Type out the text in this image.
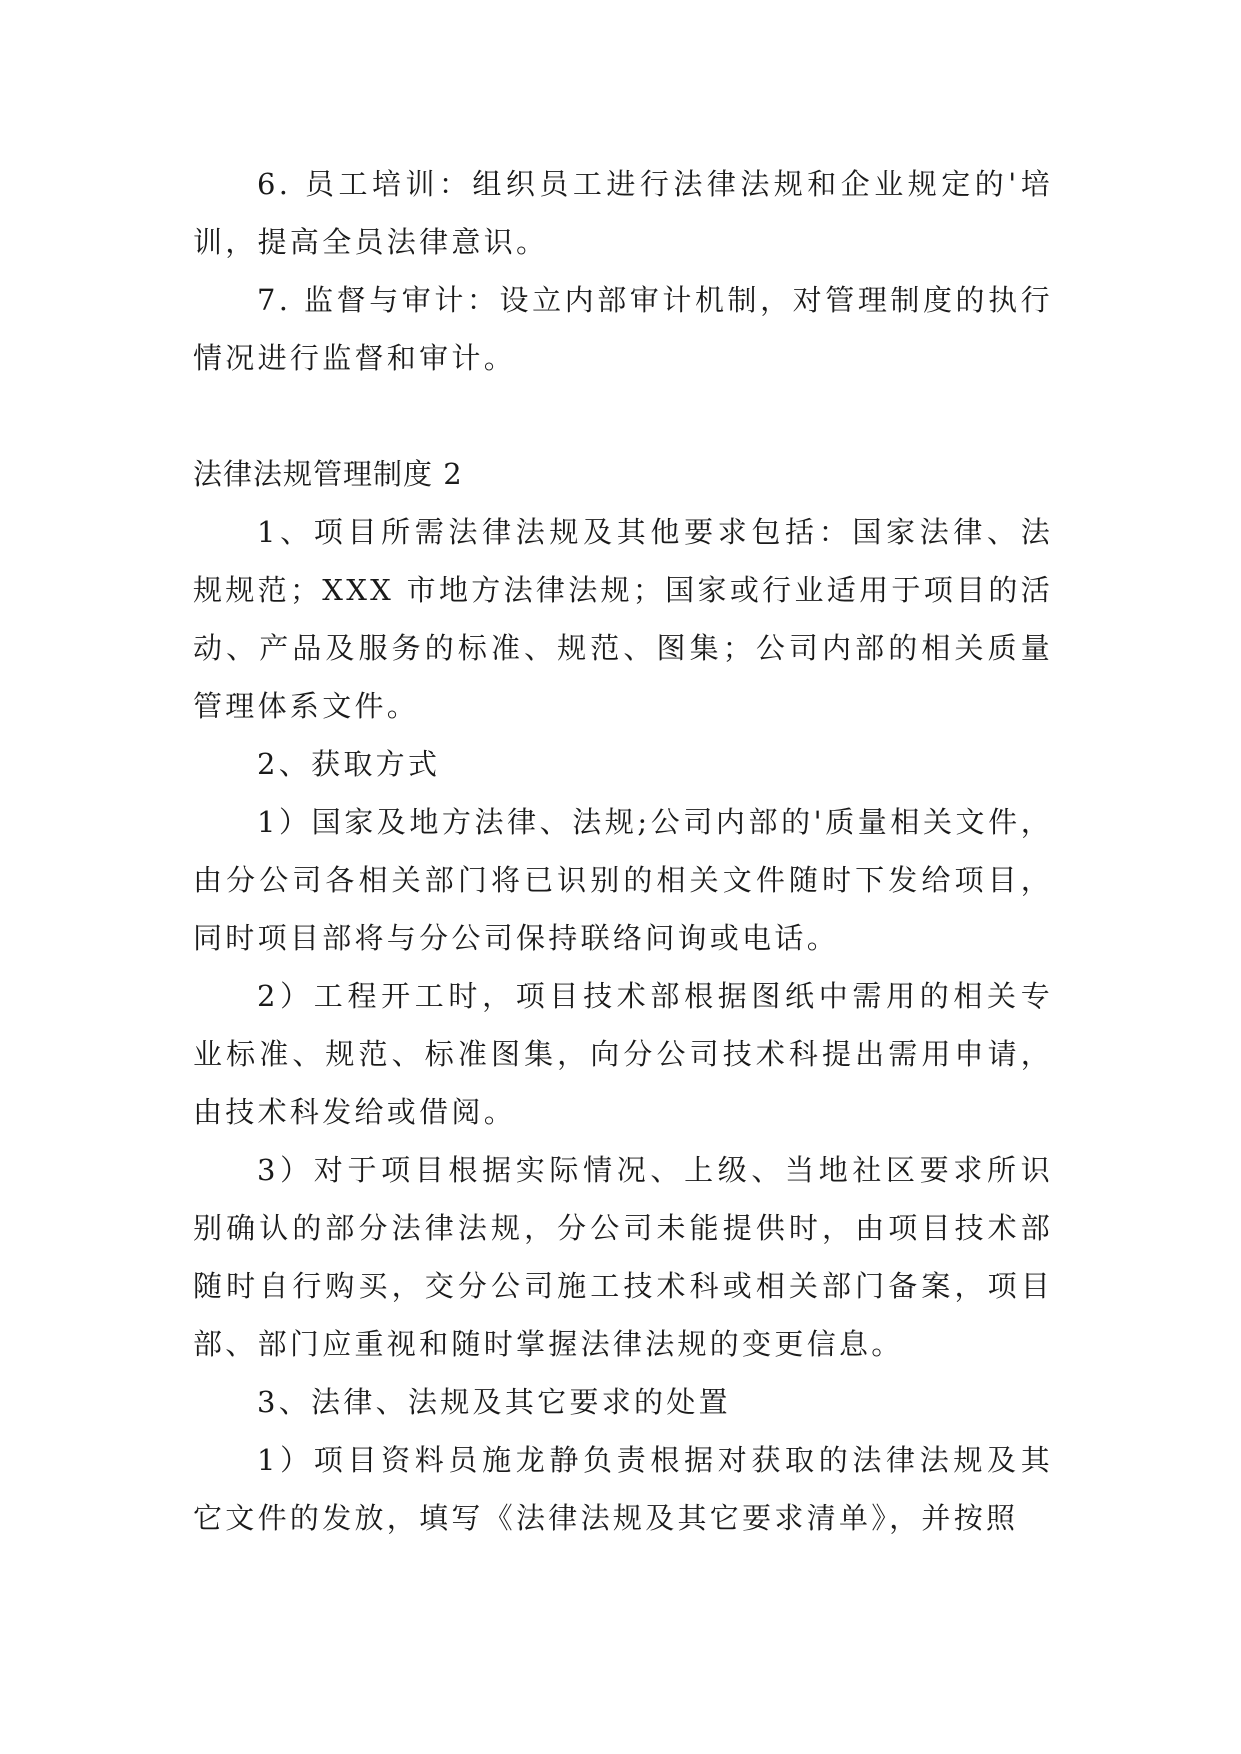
6. 员工培训：组织员工进行法律法规和企业规定的'培训，提高全员法律意识。

7. 监督与审计：设立内部审计机制，对管理制度的执行情况进行监督和审计。

法律法规管理制度 2

1、项目所需法律法规及其他要求包括：国家法律、法规规范；XXX 市地方法律法规；国家或行业适用于项目的活动、产品及服务的标准、规范、图集；公司内部的相关质量管理体系文件。

2、获取方式

1）国家及地方法律、法规;公司内部的'质量相关文件，由分公司各相关部门将已识别的相关文件随时下发给项目，同时项目部将与分公司保持联络问询或电话。

2）工程开工时，项目技术部根据图纸中需用的相关专业标准、规范、标准图集，向分公司技术科提出需用申请，由技术科发给或借阅。

3）对于项目根据实际情况、上级、当地社区要求所识别确认的部分法律法规，分公司未能提供时，由项目技术部随时自行购买，交分公司施工技术科或相关部门备案，项目部、部门应重视和随时掌握法律法规的变更信息。

3、法律、法规及其它要求的处置

1）项目资料员施龙静负责根据对获取的法律法规及其它文件的发放，填写《法律法规及其它要求清单》，并按照
